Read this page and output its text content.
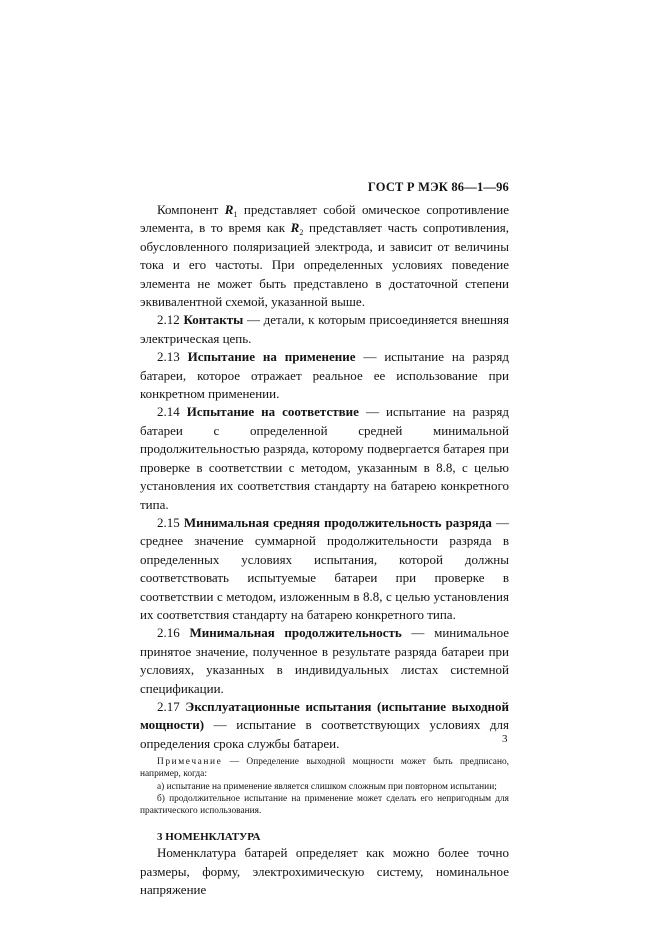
ГОСТ Р МЭК 86—1—96

Компонент $R_1$ представляет собой омическое сопротивление элемента, в то время как $R_2$ представляет часть сопротивления, обусловленного поляризацией электрода, и зависит от величины тока и его частоты. При определенных условиях поведение элемента не может быть представлено в достаточной степени эквивалентной схемой, указанной выше.

2.12 Контакты — детали, к которым присоединяется внешняя электрическая цепь.

2.13 Испытание на применение — испытание на разряд батареи, которое отражает реальное ее использование при конкретном применении.

2.14 Испытание на соответствие — испытание на разряд батареи с определенной средней минимальной продолжительностью разряда, которому подвергается батарея при проверке в соответствии с методом, указанным в 8.8, с целью установления их соответствия стандарту на батарею конкретного типа.

2.15 Минимальная средняя продолжительность разряда — среднее значение суммарной продолжительности разряда в определенных условиях испытания, которой должны соответствовать испытуемые батареи при проверке в соответствии с методом, изложенным в 8.8, с целью установления их соответствия стандарту на батарею конкретного типа.

2.16 Минимальная продолжительность — минимальное принятое значение, полученное в результате разряда батареи при условиях, указанных в индивидуальных листах системной спецификации.

2.17 Эксплуатационные испытания (испытание выходной мощности) — испытание в соответствующих условиях для определения срока службы батареи.

Примечание — Определение выходной мощности может быть предписано, например, когда:

а) испытание на применение является слишком сложным при повторном испытании;

б) продолжительное испытание на применение может сделать его непригодным для практического использования.

3 НОМЕНКЛАТУРА

Номенклатура батарей определяет как можно более точно размеры, форму, электрохимическую систему, номинальное напряжение

3
